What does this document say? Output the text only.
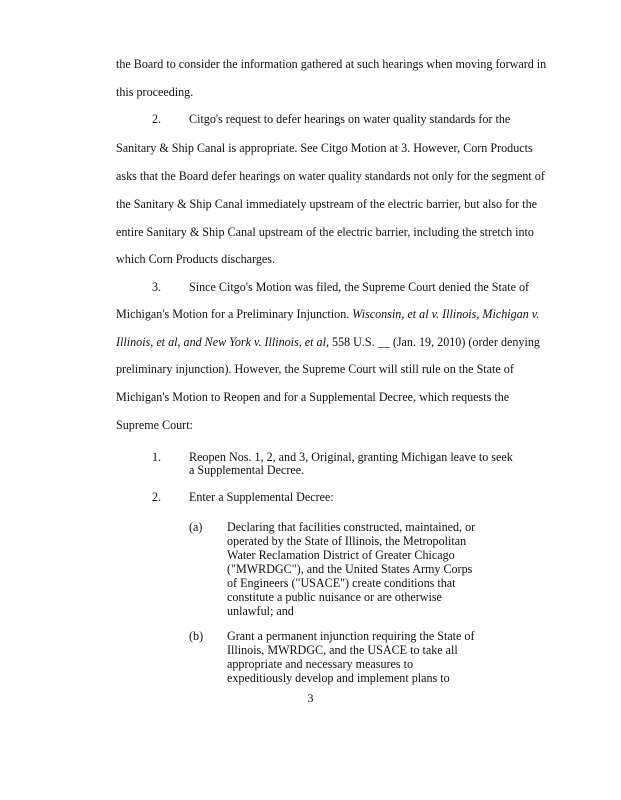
the Board to consider the information gathered at such hearings when moving forward in
this proceeding.
2. Citgo's request to defer hearings on water quality standards for the
Sanitary & Ship Canal is appropriate. See Citgo Motion at 3. However, Corn Products
asks that the Board defer hearings on water quality standards not only for the segment of
the Sanitary & Ship Canal immediately upstream of the electric barrier, but also for the
entire Sanitary & Ship Canal upstream of the electric barrier, including the stretch into
which Corn Products discharges.
3. Since Citgo's Motion was filed, the Supreme Court denied the State of
Michigan's Motion for a Preliminary Injunction. Wisconsin, et al v. Illinois, Michigan v.
Illinois, et al, and New York v. Illinois, et al, 558 U.S. __ (Jan. 19, 2010) (order denying
preliminary injunction). However, the Supreme Court will still rule on the State of
Michigan's Motion to Reopen and for a Supplemental Decree, which requests the
Supreme Court:
1. Reopen Nos. 1, 2, and 3, Original, granting Michigan leave to seek
a Supplemental Decree.
2. Enter a Supplemental Decree:
(a) Declaring that facilities constructed, maintained, or
operated by the State of Illinois, the Metropolitan
Water Reclamation District of Greater Chicago
("MWRDGC"), and the United States Army Corps
of Engineers ("USACE") create conditions that
constitute a public nuisance or are otherwise
unlawful; and
(b) Grant a permanent injunction requiring the State of
Illinois, MWRDGC, and the USACE to take all
appropriate and necessary measures to
expeditiously develop and implement plans to
3
